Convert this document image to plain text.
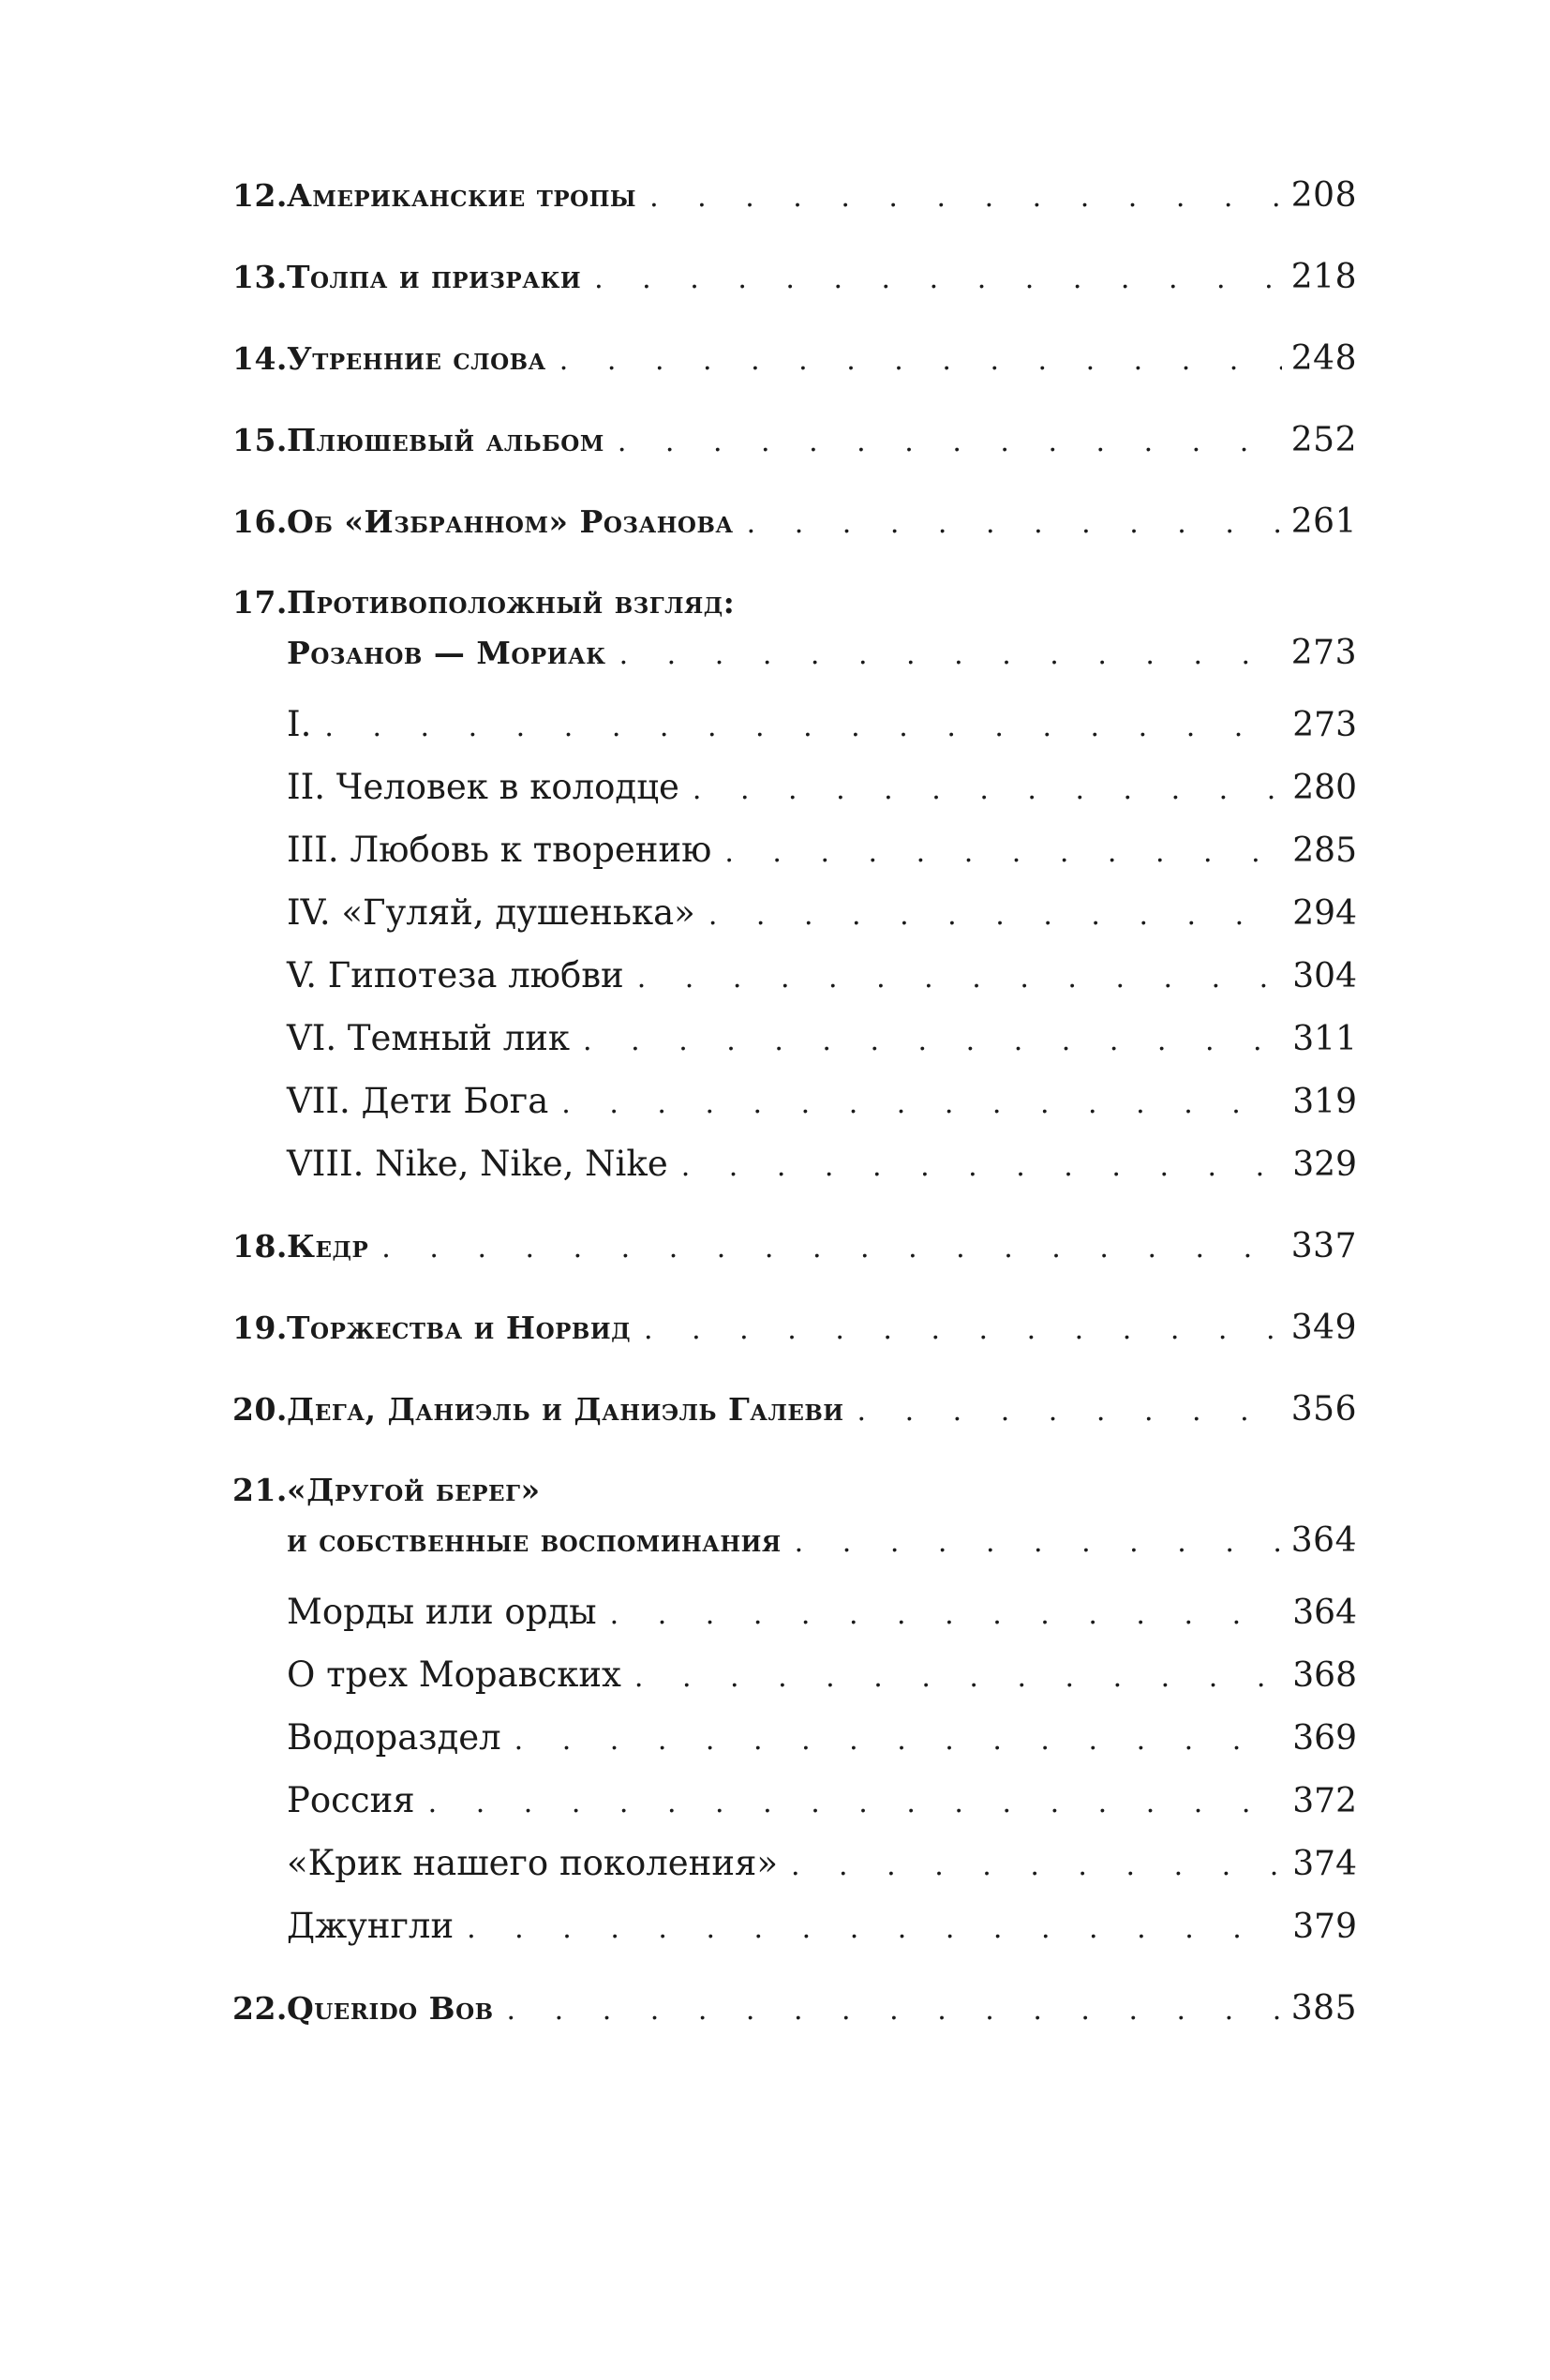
12. Американские тропы . . .	208
13. Толпа и призраки . . .	218
14. Утренние слова . . .	248
15. Плюшевый альбом . . .	252
16. Об «Избранном» Розанова . . .	261
17. Противоположный взгляд:
Розанов — Мориак . . .	273
I. . . .	273
II. Человек в колодце . . .	280
III. Любовь к творению . . .	285
IV. «Гуляй, душенька» . . .	294
V. Гипотеза любви . . .	304
VI. Темный лик . . .	311
VII. Дети Бога . . .	319
VIII. Nike, Nike, Nike . . .	329
18. Кедр . . .	337
19. Торжества и Норвид . . .	349
20. Дега, Даниэль и Даниэль Галеви . . .	356
21. «Другой берег»
и собственные воспоминания . . .	364
Морды или орды . . .	364
О трех Моравских . . .	368
Водораздел . . .	369
Россия . . .	372
«Крик нашего поколения» . . .	374
Джунгли . . .	379
22. Querido Bob . . .	385
